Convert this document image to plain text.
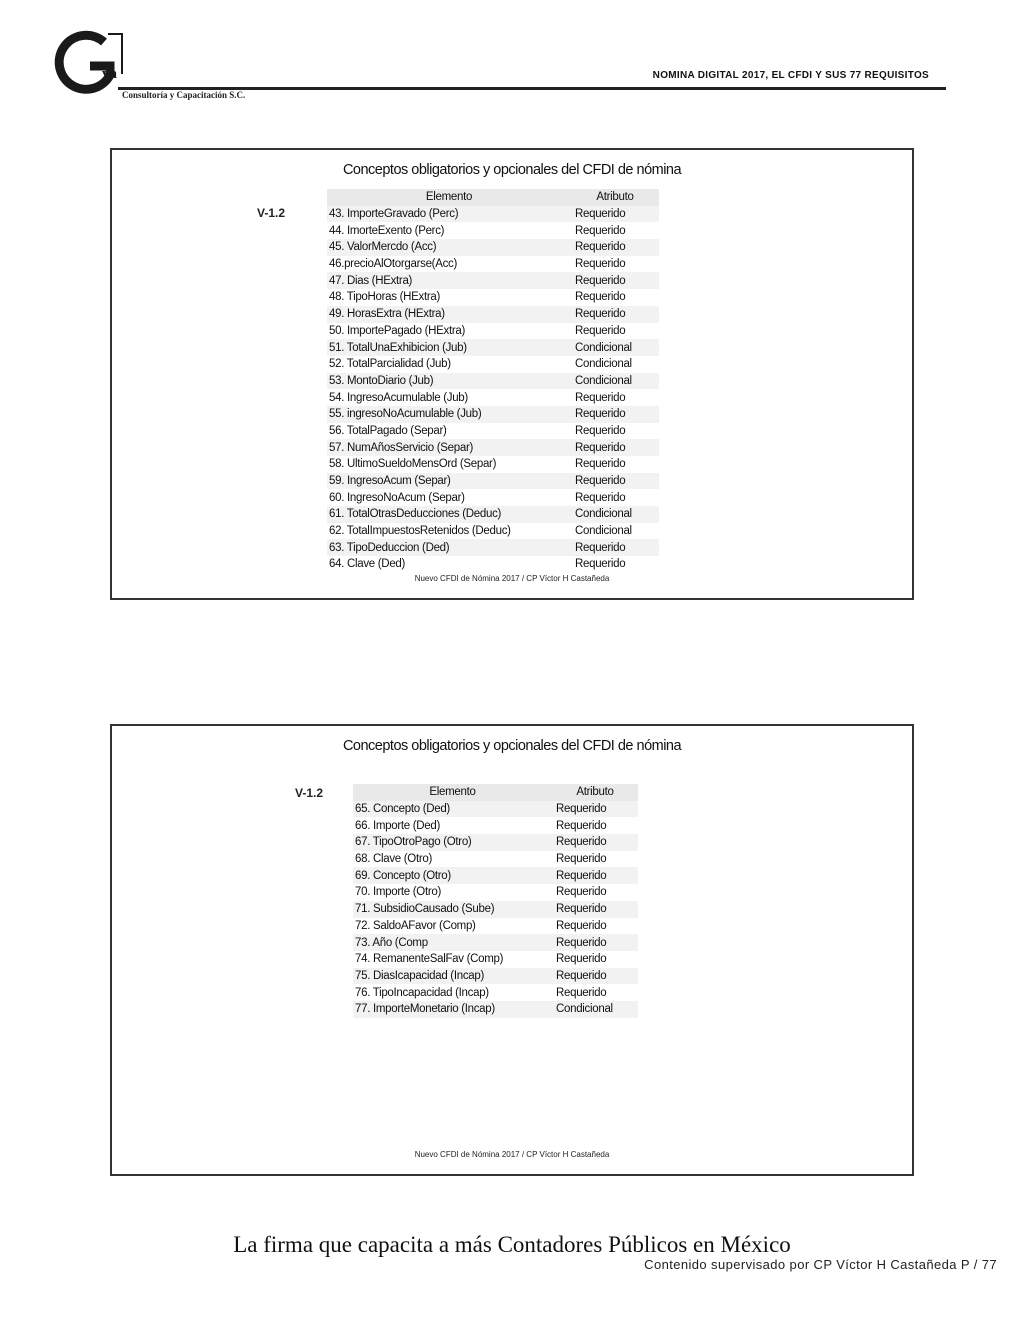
va
Consultoría y Capacitación S.C.
NOMINA DIGITAL 2017, EL CFDI Y SUS 77 REQUISITOS
Conceptos obligatorios y opcionales del CFDI de nómina
V-1.2
Elemento	Atributo
43. ImporteGravado (Perc)	Requerido
44. ImorteExento (Perc)	Requerido
45. ValorMercdo (Acc)	Requerido
46.precioAlOtorgarse(Acc)	Requerido
47. Dias (HExtra)	Requerido
48. TipoHoras (HExtra)	Requerido
49. HorasExtra (HExtra)	Requerido
50. ImportePagado (HExtra)	Requerido
51. TotalUnaExhibicion (Jub)	Condicional
52. TotalParcialidad (Jub)	Condicional
53. MontoDiario (Jub)	Condicional
54. IngresoAcumulable (Jub)	Requerido
55. ingresoNoAcumulable (Jub)	Requerido
56. TotalPagado (Separ)	Requerido
57. NumAñosServicio (Separ)	Requerido
58. UltimoSueldoMensOrd (Separ)	Requerido
59. IngresoAcum (Separ)	Requerido
60. IngresoNoAcum (Separ)	Requerido
61. TotalOtrasDeducciones (Deduc)	Condicional
62. TotalImpuestosRetenidos (Deduc)	Condicional
63. TipoDeduccion (Ded)	Requerido
64. Clave (Ded)	Requerido
Nuevo CFDI de Nómina 2017 / CP Víctor H Castañeda
Conceptos obligatorios y opcionales del CFDI de nómina
V-1.2	Elemento	Atributo
65. Concepto (Ded)	Requerido
66. Importe (Ded)	Requerido
67. TipoOtroPago (Otro)	Requerido
68. Clave (Otro)	Requerido
69. Concepto (Otro)	Requerido
70. Importe (Otro)	Requerido
71. SubsidioCausado (Sube)	Requerido
72. SaldoAFavor (Comp)	Requerido
73. Año (Comp	Requerido
74. RemanenteSalFav (Comp)	Requerido
75. DiasIcapacidad (Incap)	Requerido
76. TipoIncapacidad (Incap)	Requerido
77. ImporteMonetario (Incap)	Condicional
Nuevo CFDI de Nómina 2017 / CP Víctor H Castañeda
La firma que capacita a más Contadores Públicos en México
Contenido supervisado por CP Víctor H Castañeda P / 77
